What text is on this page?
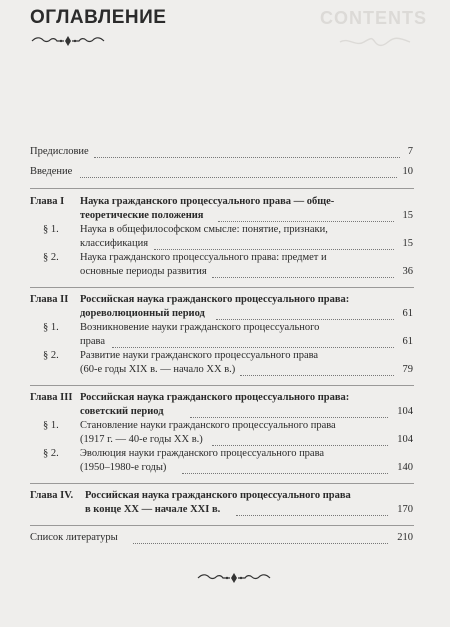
CONTENTS
ОГЛАВЛЕНИЕ
Предисловие	7
Введение	10
Глава I Наука гражданского процессуального права — обще-
теоретические положения	15
§ 1. Наука в общефилософском смысле: понятие, признаки,
классификация	15
§ 2. Наука гражданского процессуального права: предмет и
основные периоды развития	36
Глава II Российская наука гражданского процессуального права:
дореволюционный период	61
§ 1. Возникновение науки гражданского процессуального
права	61
§ 2. Развитие науки гражданского процессуального права
(60-е годы XIX в. — начало XX в.)	79
Глава III Российская наука гражданского процессуального права:
советский период	104
§ 1. Становление науки гражданского процессуального права
(1917 г. — 40-е годы XX в.)	104
§ 2. Эволюция науки гражданского процессуального права
(1950–1980-е годы)	140
Глава IV. Российская наука гражданского процессуального права
в конце XX — начале XXI в.	170
Список литературы	210
